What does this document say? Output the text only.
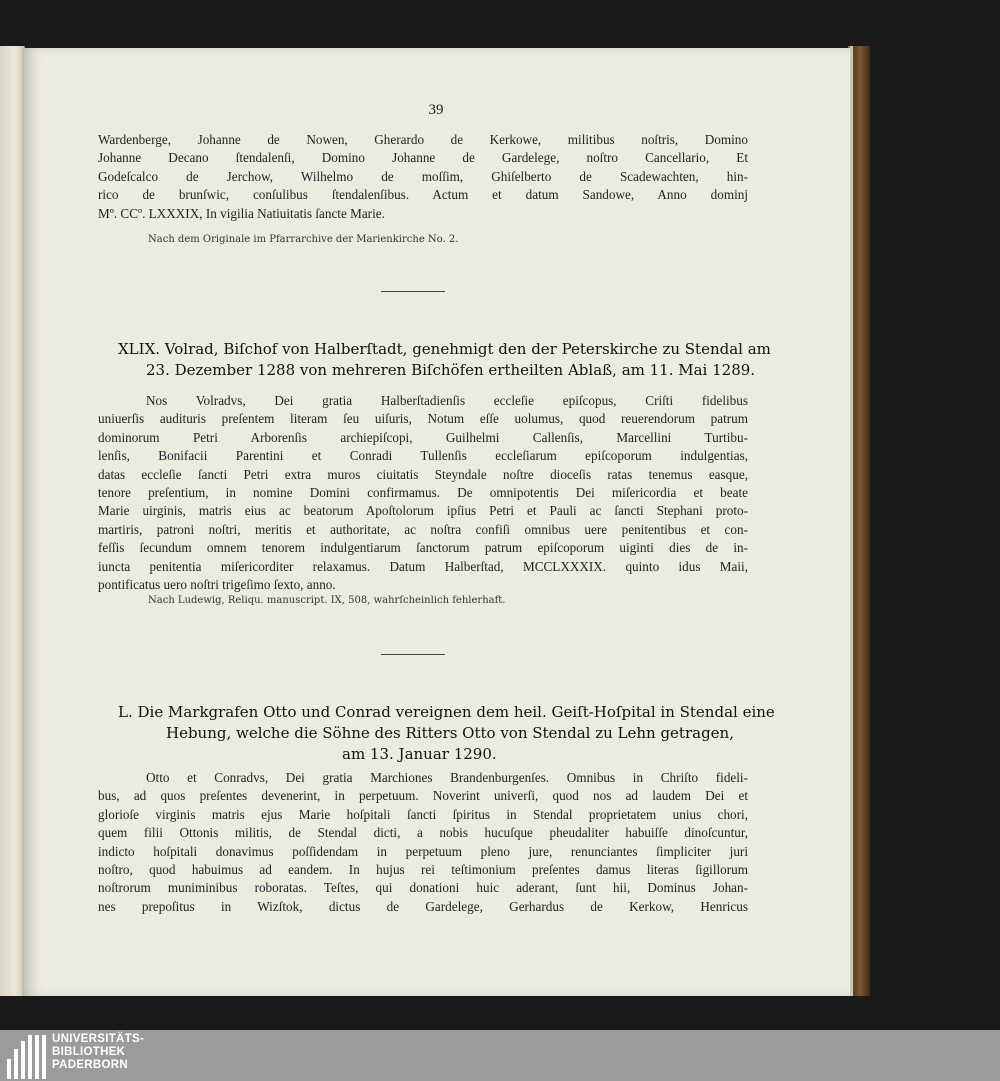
39
Wardenberge, Johanne de Nowen, Gherardo de Kerkowe, militibus noſtris, Domino
Johanne Decano ſtendalenſi, Domino Johanne de Gardelege, noſtro Cancellario, Et
Godeſcalco de Jerchow, Wilhelmo de moſſim, Ghiſelberto de Scadewachten, hin-
rico de brunſwic, conſulibus ſtendalenſibus. Actum et datum Sandowe, Anno dominj
Mº. CCº. LXXXIX, In vigilia Natiuitatis ſancte Marie.
Nach dem Originale im Pfarrarchive der Marienkirche No. 2.
XLIX. Volrad, Biſchof von Halberſtadt, genehmigt den der Peterskirche zu Stendal am
23. Dezember 1288 von mehreren Biſchöfen ertheilten Ablaß, am 11. Mai 1289.
Nos Volradvs, Dei gratia Halberſtadienſis eccleſie epiſcopus, Criſti fidelibus
uniuerſis audituris preſentem literam ſeu uiſuris, Notum eſſe uolumus, quod reuerendorum patrum
dominorum Petri Arborenſis archiepiſcopi, Guilhelmi Callenſis, Marcellini Turtibu-
lenſis, Bonifacii Parentini et Conradi Tullenſis eccleſiarum epiſcoporum indulgentias,
datas eccleſie ſancti Petri extra muros ciuitatis Steyndale noſtre dioceſis ratas tenemus easque,
tenore preſentium, in nomine Domini confirmamus. De omnipotentis Dei miſericordia et beate
Marie uirginis, matris eius ac beatorum Apoſtolorum ipſius Petri et Pauli ac ſancti Stephani proto-
martiris, patroni noſtri, meritis et authoritate, ac noſtra confiſi omnibus uere penitentibus et con-
feſſis ſecundum omnem tenorem indulgentiarum ſanctorum patrum epiſcoporum uiginti dies de in-
iuncta penitentia miſericorditer relaxamus. Datum Halberſtad, MCCLXXXIX. quinto idus Maii,
pontificatus uero noſtri trigeſimo ſexto, anno.
Nach Ludewig, Reliqu. manuscript. IX, 508, wahrſcheinlich fehlerhaft.
L. Die Markgrafen Otto und Conrad vereignen dem heil. Geiſt-Hoſpital in Stendal eine
Hebung, welche die Söhne des Ritters Otto von Stendal zu Lehn getragen,
am 13. Januar 1290.
Otto et Conradvs, Dei gratia Marchiones Brandenburgenſes. Omnibus in Chriſto fideli-
bus, ad quos preſentes devenerint, in perpetuum. Noverint univerſi, quod nos ad laudem Dei et
glorioſe virginis matris ejus Marie hoſpitali ſancti ſpiritus in Stendal proprietatem unius chori,
quem filii Ottonis militis, de Stendal dicti, a nobis hucuſque pheudaliter habuiſſe dinoſcuntur,
indicto hoſpitali donavimus poſſidendam in perpetuum pleno jure, renunciantes ſimpliciter juri
noſtro, quod habuimus ad eandem. In hujus rei teſtimonium preſentes damus literas ſigillorum
noſtrorum muniminibus roboratas. Teſtes, qui donationi huic aderant, ſunt hii, Dominus Johan-
nes prepoſitus in Wizſtok, dictus de Gardelege, Gerhardus de Kerkow, Henricus
UNIVERSITÄTS-
BIBLIOTHEK
PADERBORN
